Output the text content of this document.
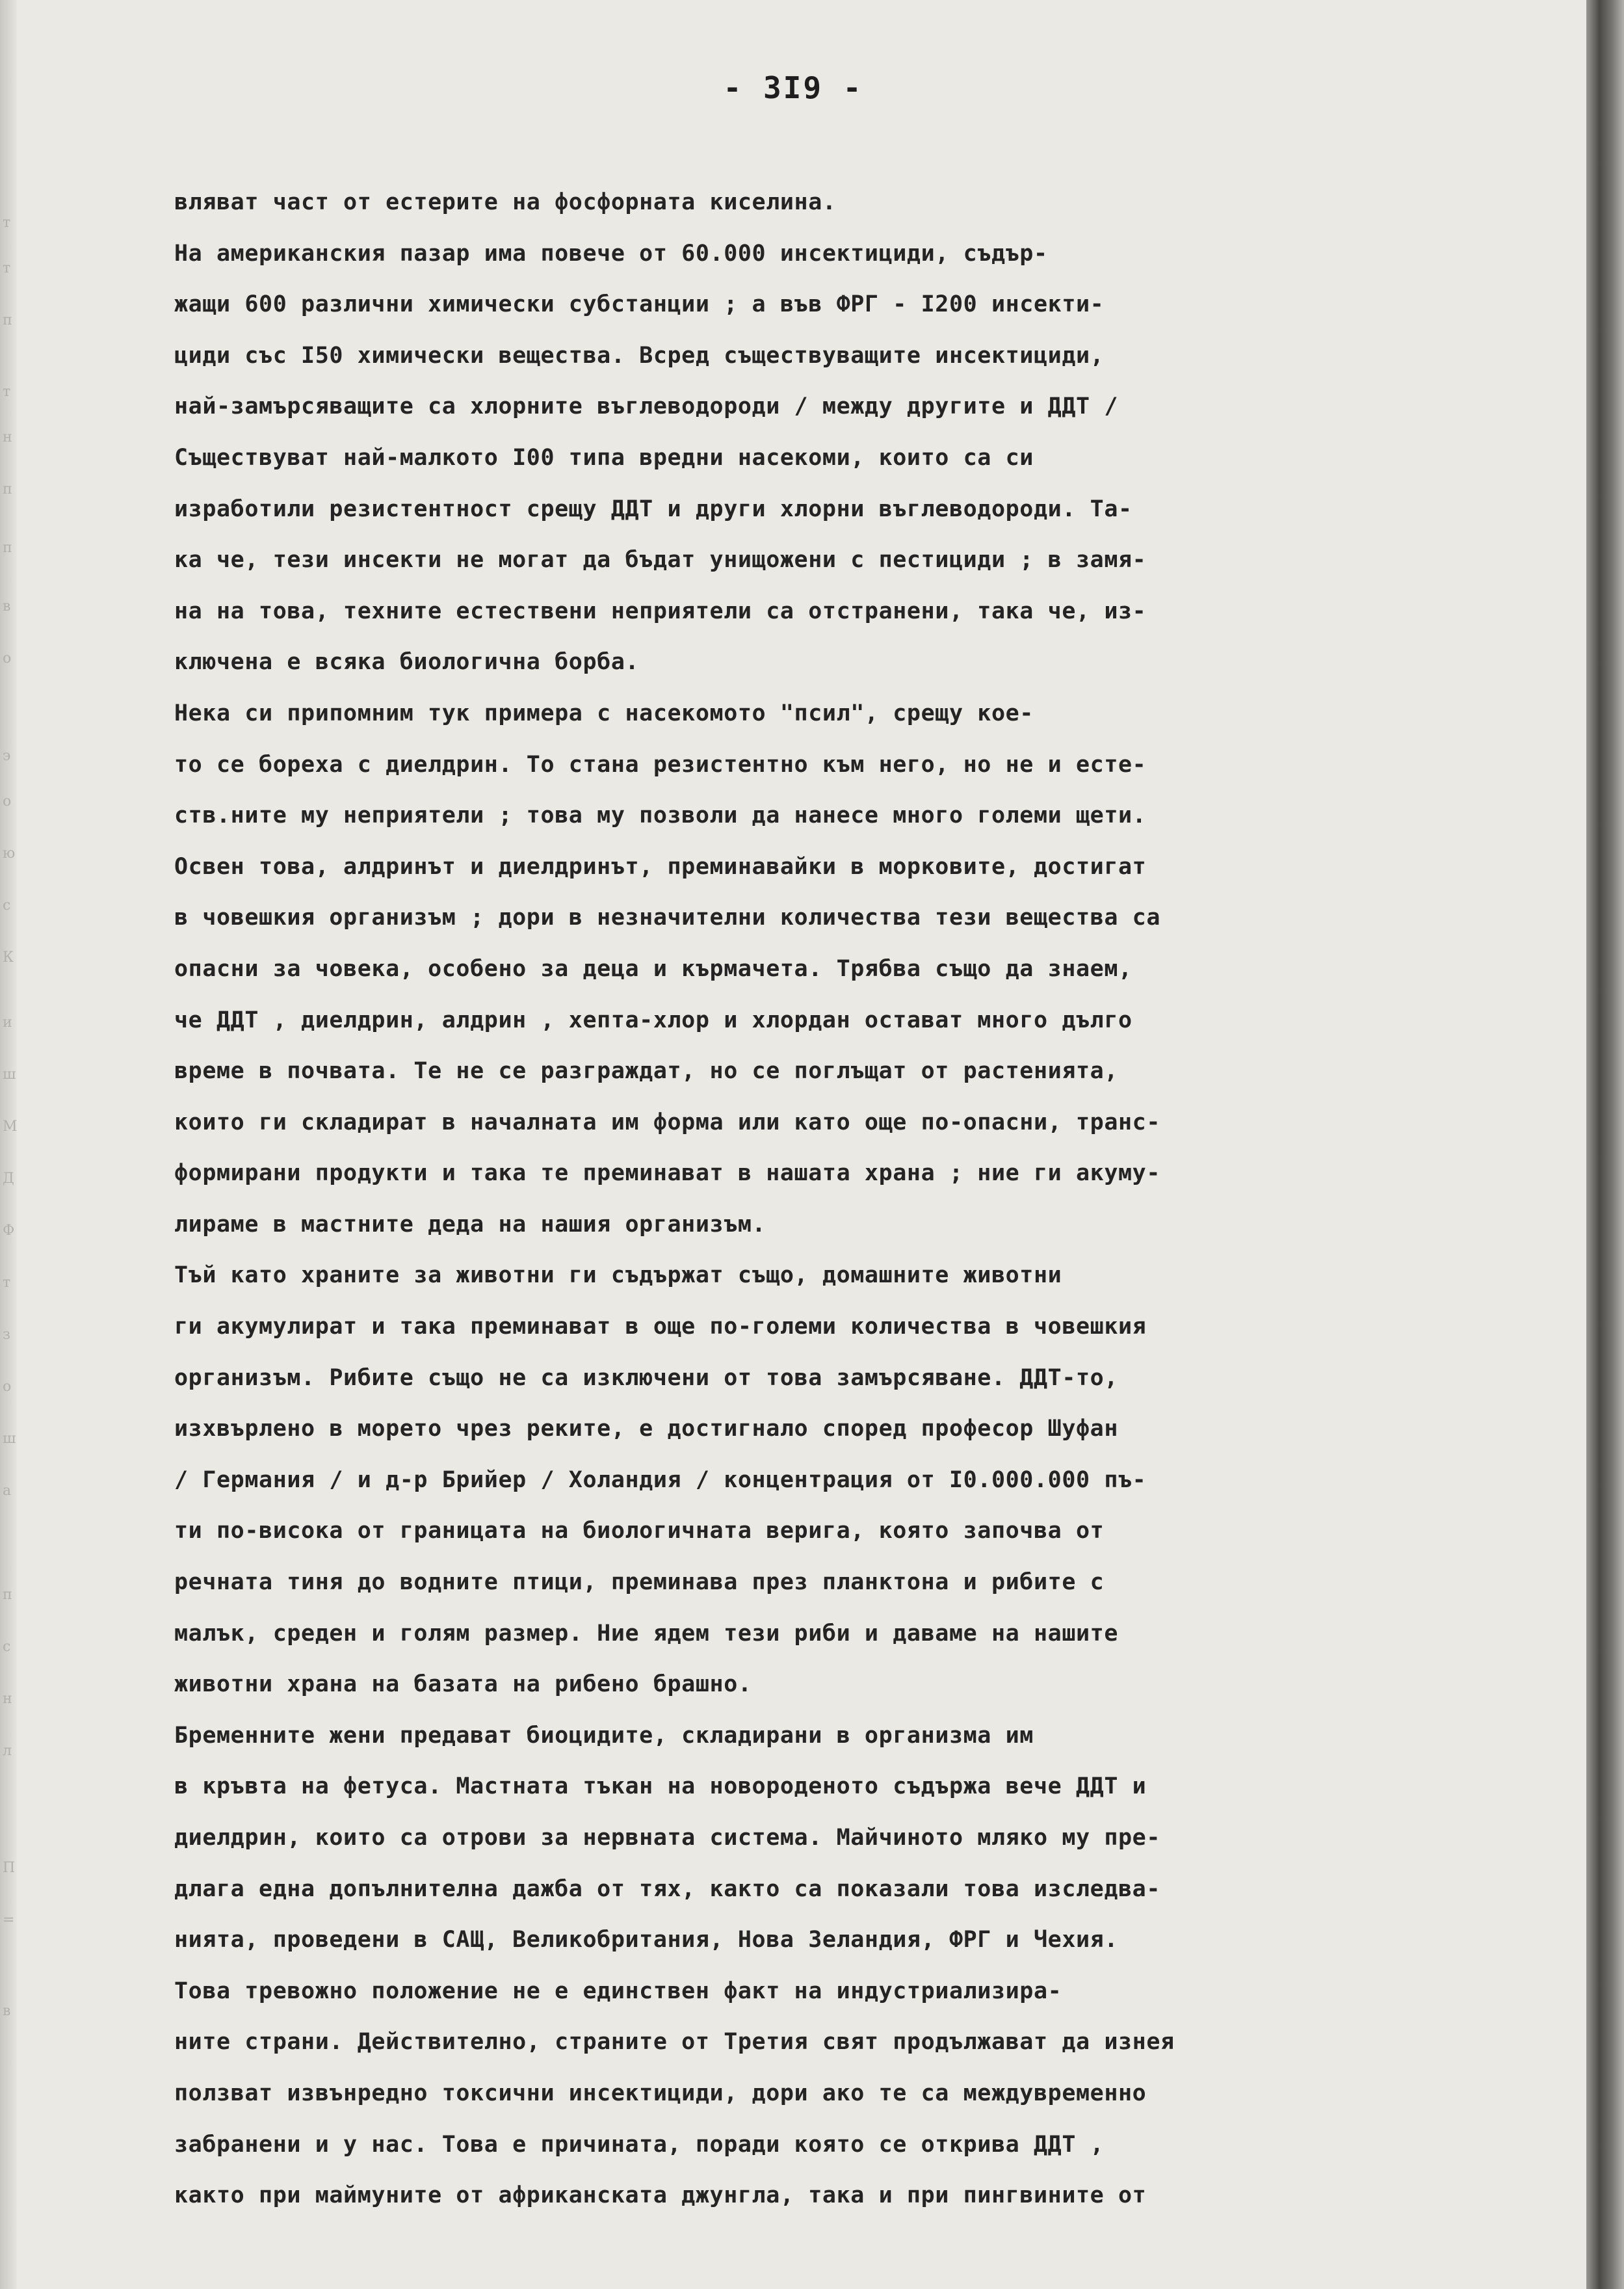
т
т
п
т
н
п
п
в
о
э
о
ю
с
К
и
ш
М
Д
Ф
т
з
о
ш
а
п
с
н
л
П
=
в
- 3I9 -
вляват част от естерите на фосфорната киселина.
На американския пазар има повече от 60.000 инсектициди, съдър-
жащи 600 различни химически субстанции ; а във ФРГ - I200 инсекти-
циди със I50 химически вещества. Всред съществуващите инсектициди,
най-замърсяващите са хлорните въглеводороди / между другите и ДДТ /
Съществуват най-малкото I00 типа вредни насекоми, които са си
изработили резистентност срещу ДДТ и други хлорни въглеводороди. Та-
ка че, тези инсекти не могат да бъдат унищожени с пестициди ; в замя-
на на това, техните естествени неприятели са отстранени, така че, из-
ключена е всяка биологична борба.
Нека си припомним тук примера с насекомото "псил", срещу кое-
то се бореха с диелдрин. То стана резистентно към него, но не и есте-
ств.ните му неприятели ; това му позволи да нанесе много големи щети.
Освен това, алдринът и диелдринът, преминавайки в морковите, достигат
в човешкия организъм ; дори в незначителни количества тези вещества са
опасни за човека, особено за деца и кърмачета. Трябва също да знаем,
че ДДТ , диелдрин, алдрин , хепта-хлор и хлордан остават много дълго
време в почвата. Те не се разграждат, но се поглъщат от растенията,
които ги складират в началната им форма или като още по-опасни, транс-
формирани продукти и така те преминават в нашата храна ; ние ги акуму-
лираме в мастните деда на нашия организъм.
Тъй като храните за животни ги съдържат също, домашните животни
ги акумулират и така преминават в още по-големи количества в човешкия
организъм. Рибите също не са изключени от това замърсяване. ДДТ-то,
изхвърлено в морето чрез реките, е достигнало според професор Шуфан
/ Германия / и д-р Брийер / Холандия / концентрация от I0.000.000 пъ-
ти по-висока от границата на биологичната верига, която започва от
речната тиня до водните птици, преминава през планктона и рибите с
малък, среден и голям размер. Ние ядем тези риби и даваме на нашите
животни храна на базата на рибено брашно.
Бременните жени предават биоцидите, складирани в организма им
в кръвта на фетуса. Мастната тъкан на новороденото съдържа вече ДДТ и
диелдрин, които са отрови за нервната система. Майчиното мляко му пре-
длага една допълнителна дажба от тях, както са показали това изследва-
нията, проведени в САЩ, Великобритания, Нова Зеландия, ФРГ и Чехия.
Това тревожно положение не е единствен факт на индустриализира-
ните страни. Действително, страните от Третия свят продължават да изнея
ползват извънредно токсични инсектициди, дори ако те са междувременно
забранени и у нас. Това е причината, поради която се открива ДДТ ,
както при маймуните от африканската джунгла, така и при пингвините от
